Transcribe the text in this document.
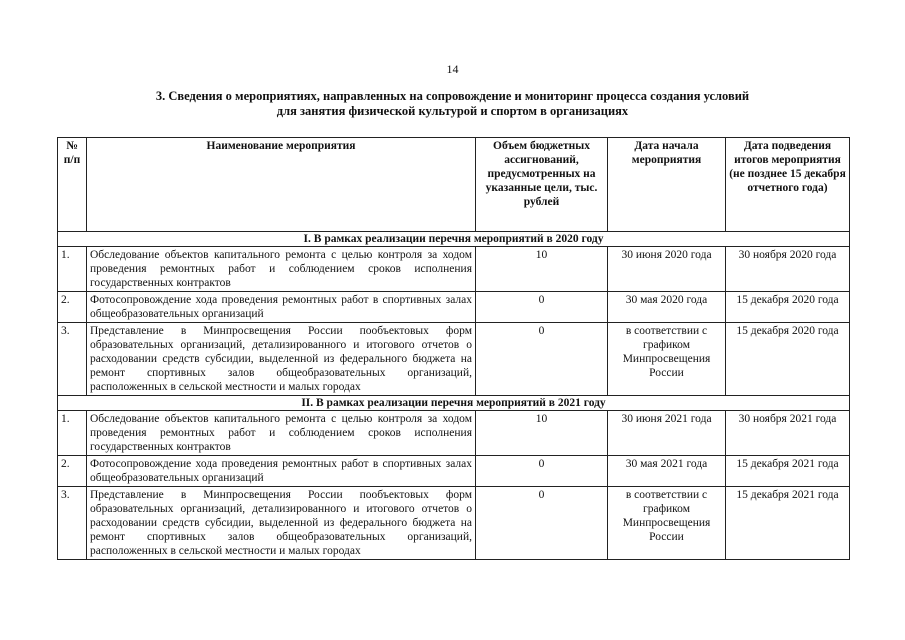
14
3. Сведения о мероприятиях, направленных на сопровождение и мониторинг процесса создания условий
для занятия физической культурой и спортом в организациях
№ п/п	Наименование мероприятия	Объем бюджетных ассигнований, предусмотренных на указанные цели, тыс. рублей	Дата начала мероприятия	Дата подведения итогов мероприятия (не позднее 15 декабря отчетного года)
I. В рамках реализации перечня мероприятий в 2020 году				
1.	Обследование объектов капитального ремонта с целью контроля за ходом проведения ремонтных работ и соблюдением сроков исполнения государственных контрактов	10	30 июня 2020 года	30 ноября 2020 года
2.	Фотосопровождение хода проведения ремонтных работ в спортивных залах общеобразовательных организаций	0	30 мая 2020 года	15 декабря 2020 года
3.	Представление в Минпросвещения России пообъектовых форм образовательных организаций, детализированного и итогового отчетов о расходовании средств субсидии, выделенной из федерального бюджета на ремонт спортивных залов общеобразовательных организаций, расположенных в сельской местности и малых городах	0	в соответствии с графиком Минпросвещения России	15 декабря 2020 года
II. В рамках реализации перечня мероприятий в 2021 году				
1.	Обследование объектов капитального ремонта с целью контроля за ходом проведения ремонтных работ и соблюдением сроков исполнения государственных контрактов	10	30 июня 2021 года	30 ноября 2021 года
2.	Фотосопровождение хода проведения ремонтных работ в спортивных залах общеобразовательных организаций	0	30 мая 2021 года	15 декабря 2021 года
3.	Представление в Минпросвещения России пообъектовых форм образовательных организаций, детализированного и итогового отчетов о расходовании средств субсидии, выделенной из федерального бюджета на ремонт спортивных залов общеобразовательных организаций, расположенных в сельской местности и малых городах	0	в соответствии с графиком Минпросвещения России	15 декабря 2021 года
